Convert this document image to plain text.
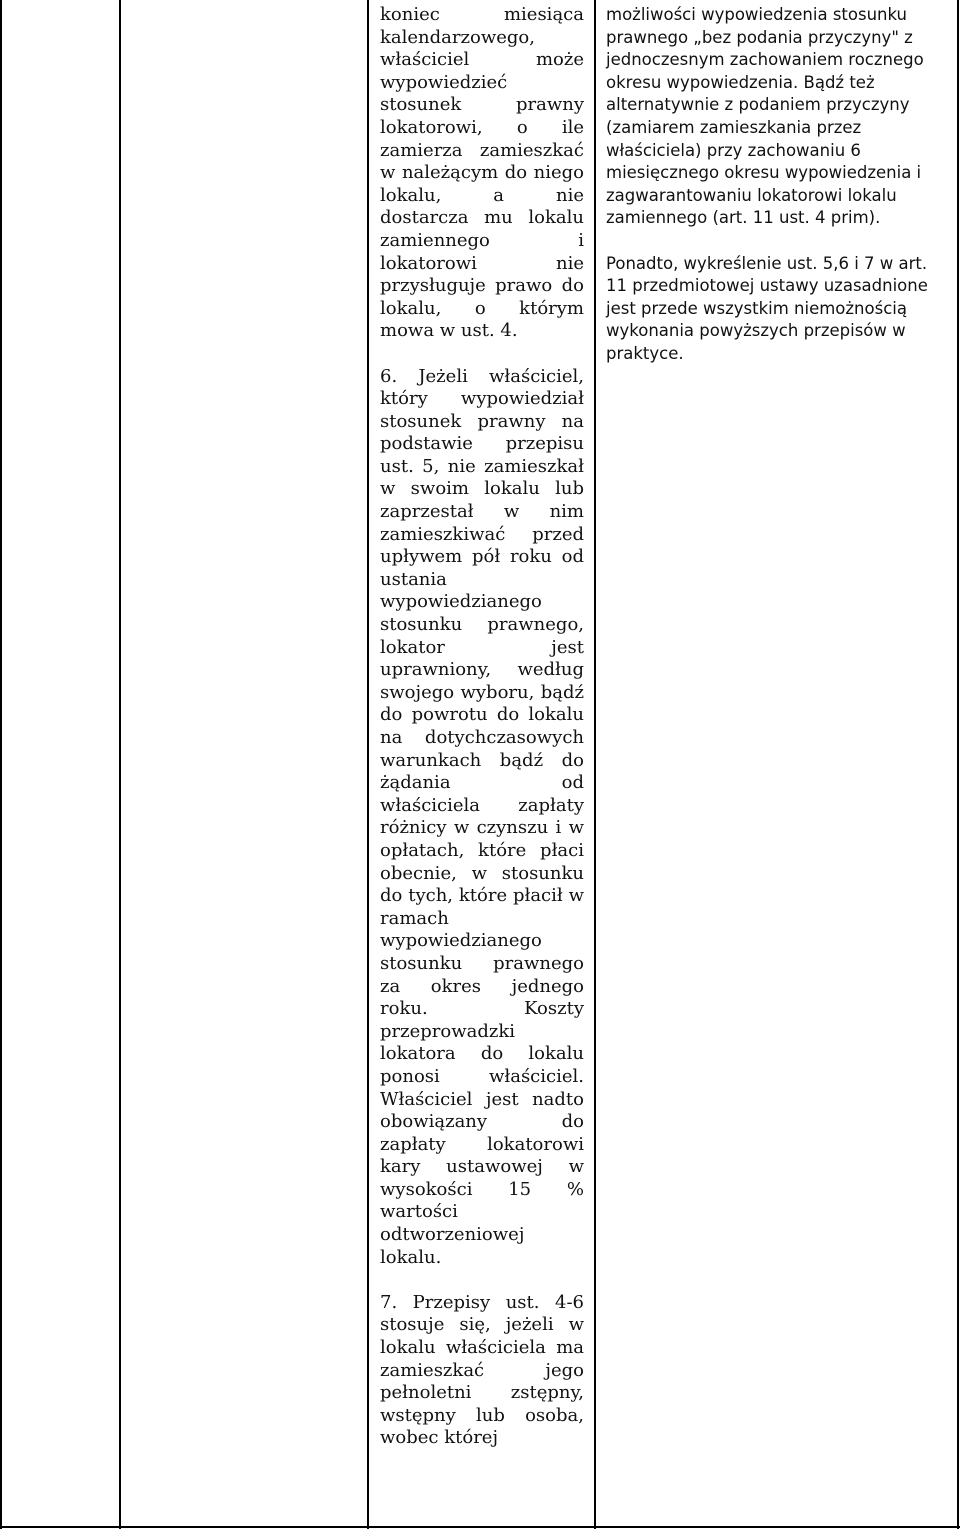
koniec miesiąca kalendarzowego, właściciel może wypowiedzieć stosunek prawny lokatorowi, o ile zamierza zamieszkać w należącym do niego lokalu, a nie dostarcza mu lokalu zamiennego i lokatorowi nie przysługuje prawo do lokalu, o którym mowa w ust. 4.

6. Jeżeli właściciel, który wypowiedział stosunek prawny na podstawie przepisu ust. 5, nie zamieszkał w swoim lokalu lub zaprzestał w nim zamieszkiwać przed upływem pół roku od ustania wypowiedzianego stosunku prawnego, lokator jest uprawniony, według swojego wyboru, bądź do powrotu do lokalu na dotychczasowych warunkach bądź do żądania od właściciela zapłaty różnicy w czynszu i w opłatach, które płaci obecnie, w stosunku do tych, które płacił w ramach wypowiedzianego stosunku prawnego za okres jednego roku. Koszty przeprowadzki lokatora do lokalu ponosi właściciel. Właściciel jest nadto obowiązany do zapłaty lokatorowi kary ustawowej w wysokości 15 % wartości odtworzeniowej lokalu.

7. Przepisy ust. 4-6 stosuje się, jeżeli w lokalu właściciela ma zamieszkać jego pełnoletni zstępny, wstępny lub osoba, wobec której

możliwości wypowiedzenia stosunku prawnego „bez podania przyczyny" z jednoczesnym zachowaniem rocznego okresu wypowiedzenia. Bądź też alternatywnie z podaniem przyczyny (zamiarem zamieszkania przez właściciela) przy zachowaniu 6 miesięcznego okresu wypowiedzenia i zagwarantowaniu lokatorowi lokalu zamiennego (art. 11 ust. 4 prim).

Ponadto, wykreślenie ust. 5,6 i 7 w art. 11 przedmiotowej ustawy uzasadnione jest przede wszystkim niemożnością wykonania powyższych przepisów w praktyce.
